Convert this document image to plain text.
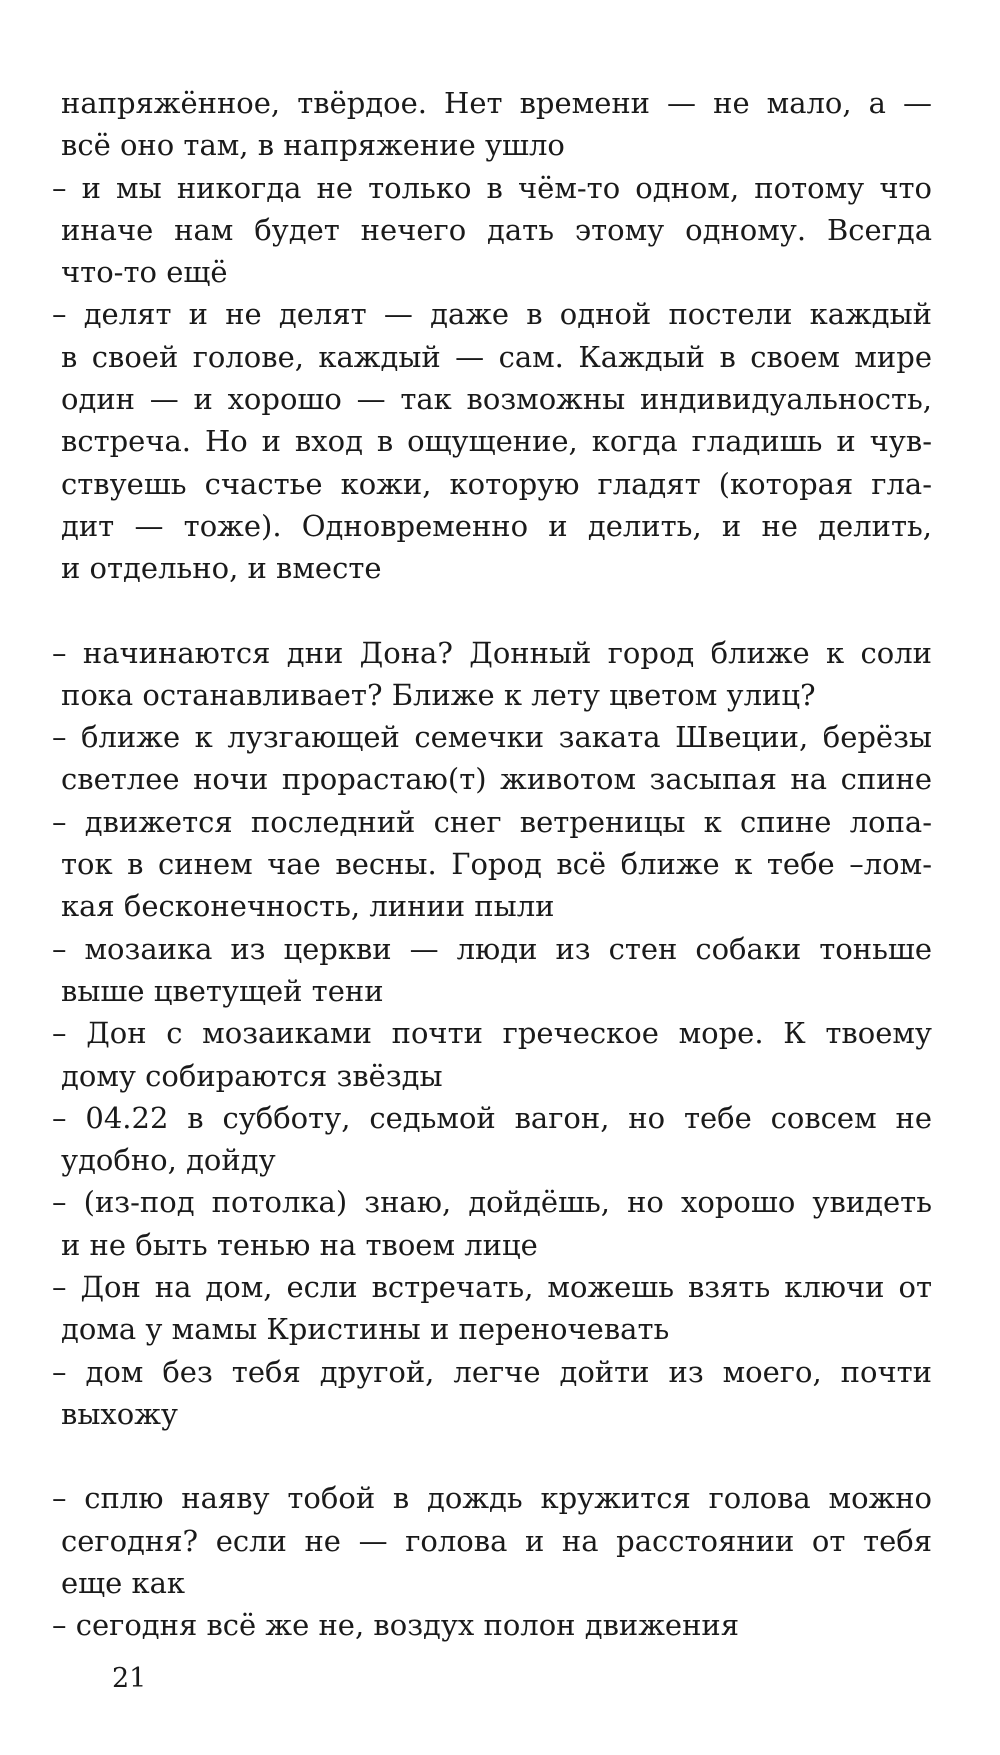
напряжённое, твёрдое. Нет времени — не мало, а —
всё оно там, в напряжение ушло
– и мы никогда не только в чём-то одном, потому что
иначе нам будет нечего дать этому одному. Всегда
что-то ещё
– делят и не делят — даже в одной постели каждый
в своей голове, каждый — сам. Каждый в своем мире
один — и хорошо — так возможны индивидуальность,
встреча. Но и вход в ощущение, когда гладишь и чув-
ствуешь счастье кожи, которую гладят (которая гла-
дит — тоже). Одновременно и делить, и не делить,
и отдельно, и вместе
– начинаются дни Дона? Донный город ближе к соли
пока останавливает? Ближе к лету цветом улиц?
– ближе к лузгающей семечки заката Швеции, берёзы
светлее ночи прорастаю(т) животом засыпая на спине
– движется последний снег ветреницы к спине лопа-
ток в синем чае весны. Город всё ближе к тебе –лом-
кая бесконечность, линии пыли
– мозаика из церкви — люди из стен собаки тоньше
выше цветущей тени
– Дон с мозаиками почти греческое море. К твоему
дому собираются звёзды
– 04.22 в субботу, седьмой вагон, но тебе совсем не
удобно, дойду
– (из-под потолка) знаю, дойдёшь, но хорошо увидеть
и не быть тенью на твоем лице
– Дон на дом, если встречать, можешь взять ключи от
дома у мамы Кристины и переночевать
– дом без тебя другой, легче дойти из моего, почти
выхожу
– сплю наяву тобой в дождь кружится голова можно
сегодня? если не — голова и на расстоянии от тебя
еще как
– сегодня всё же не, воздух полон движения
21
